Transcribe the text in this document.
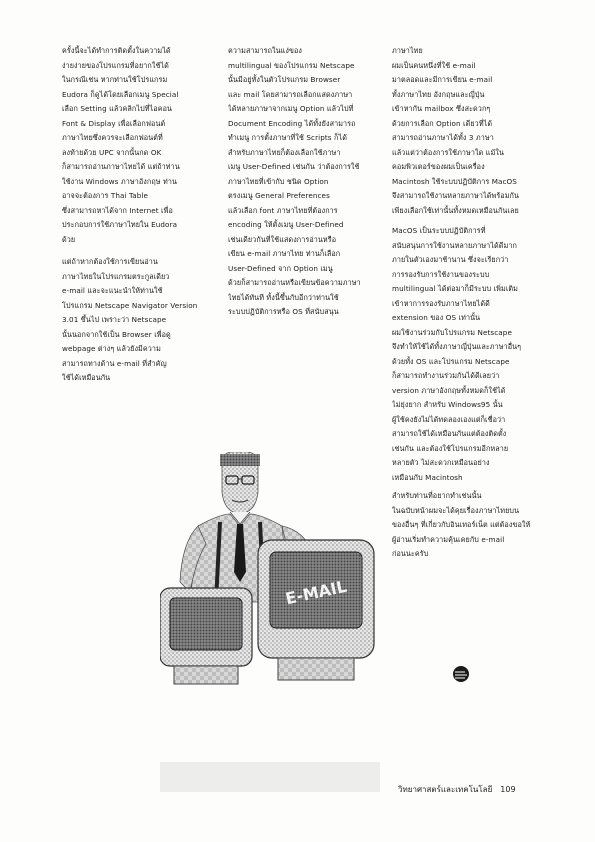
ครั้งนี้จะได้ทำการติดตั้งในความได้
ง่ายง่ายของโปรแกรมที่อยากใช้ได้
ในกรณีเช่น หากท่านใช้โปรแกรม
Eudora ก็ดูได้โดยเลือกเมนู Special
เลือก Setting แล้วคลิกไปที่ไอคอน
Font & Display เพื่อเลือกฟอนต์
ภาษาไทยซึ่งควรจะเลือกฟอนต์ที่
ลงท้ายด้วย UPC จากนั้นกด OK
ก็สามารถอ่านภาษาไทยได้ แต่ถ้าท่าน
ใช้งาน Windows ภาษาอังกฤษ ท่าน
อาจจะต้องการ Thai Table
ซึ่งสามารถหาได้จาก Internet เพื่อ
ประกอบการใช้ภาษาไทยใน Eudora
ด้วย

แต่ถ้าหากต้องใช้การเขียนอ่าน
ภาษาไทยในโปรแกรมตระกูลเดียว
e-mail และจะแนะนำให้ท่านใช้
โปรแกรม Netscape Navigator Version
3.01 ขึ้นไป เพราะว่า Netscape
นั้นนอกจากใช้เป็น Browser เพื่อดู
webpage ต่างๆ แล้วยังมีความ
สามารถทางด้าน e-mail ที่สำคัญ
ใช้ได้เหมือนกัน

ความสามารถในแง่ของ
multilingual ของโปรแกรม Netscape
นั้นมีอยู่ทั้งในตัวโปรแกรม Browser
และ mail โดยสามารถเลือกแสดงภาษา
ได้หลายภาษาจากเมนู Option แล้วไปที่
Document Encoding ได้ทั้งยังสามารถ
ทำเมนู การตั้งภาษาที่ใช้ Scripts ก็ได้
สำหรับภาษาไทยก็ต้องเลือกใช้ภาษา
เมนู User-Defined เช่นกัน ว่าต้องการใช้
ภาษาไทยที่เข้ากับ ชนิด Option
ตรงเมนู General Preferences
แล้วเลือก font ภาษาไทยที่ต้องการ
encoding ให้ตั้งเมนู User-Defined
เช่นเดียวกันที่ใช้แสดงการอ่านหรือ
เขียน e-mail ภาษาไทย ท่านก็เลือก
User-Defined จาก Option เมนู
ด้วยก็สามารถอ่านหรือเขียนข้อความภาษา
ไทยได้ทันที ทั้งนี้ขึ้นกับอีกว่าท่านใช้
ระบบปฏิบัติการหรือ OS ที่สนับสนุน

ภาษาไทย

ผมเป็นคนหนึ่งที่ใช้ e-mail
มาตลอดและมีการเขียน e-mail
ทั้งภาษาไทย อังกฤษและญี่ปุ่น
เข้าหากัน mailbox ซึ่งสะดวกๆ
ด้วยการเลือก Option เดียวที่ได้
สามารถอ่านภาษาได้ทั้ง 3 ภาษา
แล้วแต่ว่าต้องการใช้ภาษาใด แม้ใน
คอมพิวเตอร์ของผมเป็นเครื่อง
Macintosh ใช้ระบบปฏิบัติการ MacOS
จึงสามารถใช้งานหลายภาษาได้พร้อมกัน
เพียงเลือกใช้เท่านั้นทั้งหมดเหมือนกันเลย

MacOS เป็นระบบปฏิบัติการที่
สนับสนุนการใช้งานหลายภาษาได้ดีมาก
ภายในตัวเองมาช้านาน ซึ่งจะเรียกว่า
การรองรับการใช้งานของระบบ
multilingual ได้ต่อมาก็มีระบบ เพิ่มเติม
เข้าหาการรองรับภาษาไทยได้ดี
extension ของ OS เท่านั้น
ผมใช้งานร่วมกับโปรแกรม Netscape
จึงทำให้ใช้ได้ทั้งภาษาญี่ปุ่นและภาษาอื่นๆ
ด้วยทั้ง OS และโปรแกรม Netscape
ก็สามารถทำงานร่วมกันได้ดีเลยว่า
version ภาษาอังกฤษทั้งหมดก็ใช้ได้
ไม่ยุ่งยาก สำหรับ Windows95 นั้น
ผู้ใช้คงยังไม่ได้ทดลองเองแต่ก็เชื่อว่า
สามารถใช้ได้เหมือนกันแต่ต้องติดตั้ง
เช่นกัน และต้องใช้โปรแกรมอีกหลาย
หลายตัว ไม่สะดวกเหมือนอย่าง
เหมือนกับ Macintosh

สำหรับท่านที่อยากทำเช่นนั้น
ในฉบับหน้าผมจะได้คุยเรื่องภาษาไทยบน
ของอื่นๆ ที่เกี่ยวกับอินเทอร์เน็ต แต่ต้องขอให้
ผู้อ่านเริ่มทำความคุ้นเคยกับ e-mail
ก่อนนะครับ

E-MAIL
วิทยาศาสตร์และเทคโนโลยี 109
